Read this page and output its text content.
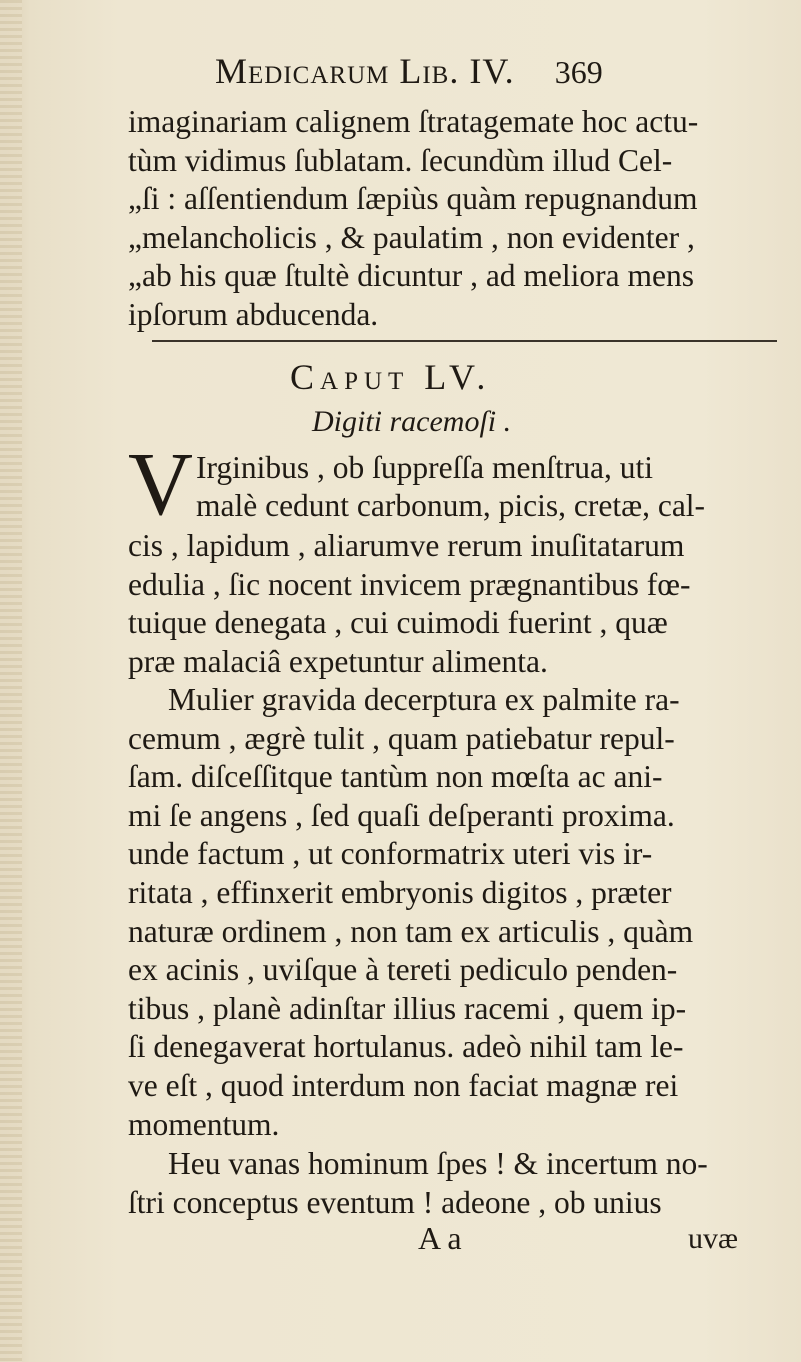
Medicarum Lib. IV. 369
imaginariam calignem ſtratagemate hoc actu-
tùm vidimus ſublatam. ſecundùm illud Cel-
„ſi : aſſentiendum ſæpiùs quàm repugnandum
„melancholicis , & paulatim , non evidenter ,
„ab his quæ ſtultè dicuntur , ad meliora mens
ipſorum abducenda.
Caput LV.
Digiti racemoſi .
V Irginibus , ob ſuppreſſa menſtrua, uti
malè cedunt carbonum, picis, cretæ, cal-
cis , lapidum , aliarumve rerum inuſitatarum
edulia , ſic nocent invicem prægnantibus fœ-
tuique denegata , cui cuimodi fuerint , quæ
præ malaciâ expetuntur alimenta.
Mulier gravida decerptura ex palmite ra-
cemum , ægrè tulit , quam patiebatur repul-
ſam. diſceſſitque tantùm non mœſta ac ani-
mi ſe angens , ſed quaſi deſperanti proxima.
unde factum , ut conformatrix uteri vis ir-
ritata , effinxerit embryonis digitos , præter
naturæ ordinem , non tam ex articulis , quàm
ex acinis , uviſque à tereti pediculo penden-
tibus , planè adinſtar illius racemi , quem ip-
ſi denegaverat hortulanus. adeò nihil tam le-
ve eſt , quod interdum non faciat magnæ rei
momentum.
Heu vanas hominum ſpes ! & incertum no-
ſtri conceptus eventum ! adeone , ob unius
A a	uvæ
